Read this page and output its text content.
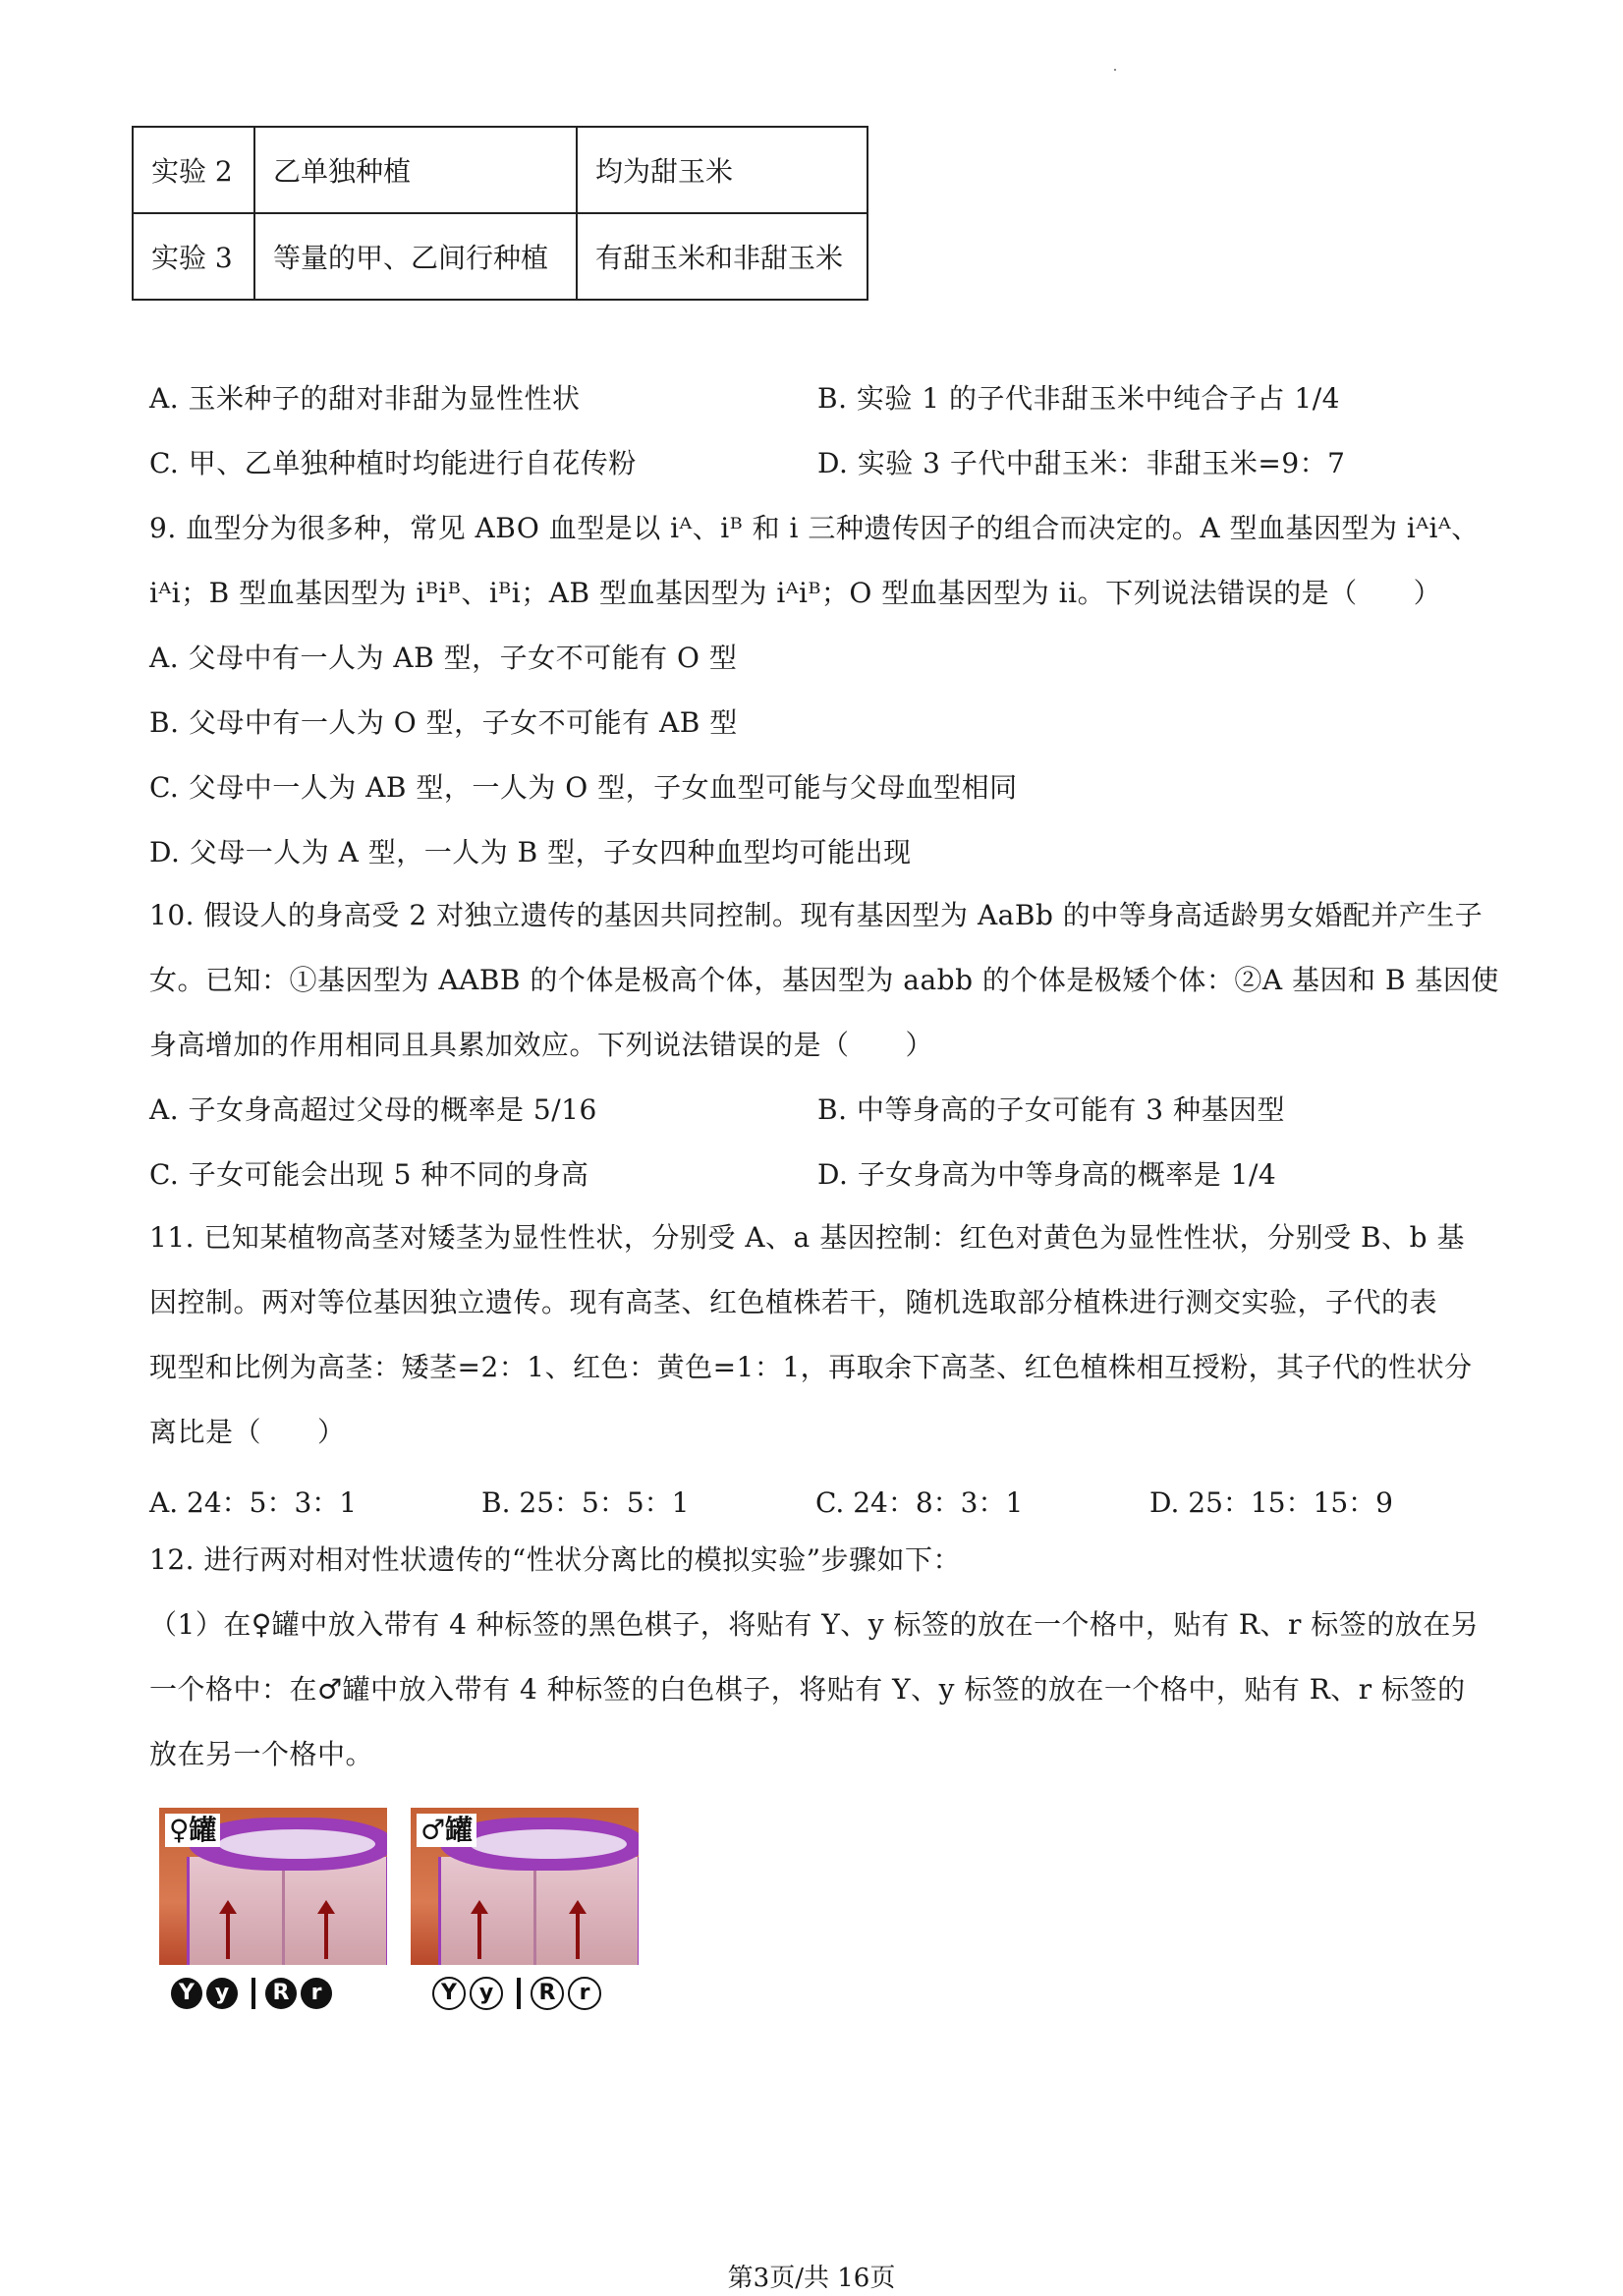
实验 2	乙单独种植	均为甜玉米
实验 3	等量的甲、乙间行种植	有甜玉米和非甜玉米
A. 玉米种子的甜对非甜为显性性状	B. 实验 1 的子代非甜玉米中纯合子占 1/4
C. 甲、乙单独种植时均能进行自花传粉	D. 实验 3 子代中甜玉米：非甜玉米=9：7
9. 血型分为很多种，常见 ABO 血型是以 iᴬ、iᴮ 和 i 三种遗传因子的组合而决定的。A 型血基因型为 iᴬiᴬ、
iᴬi；B 型血基因型为 iᴮiᴮ、iᴮi；AB 型血基因型为 iᴬiᴮ；O 型血基因型为 ii。下列说法错误的是（　　）
A. 父母中有一人为 AB 型，子女不可能有 O 型
B. 父母中有一人为 O 型，子女不可能有 AB 型
C. 父母中一人为 AB 型，一人为 O 型，子女血型可能与父母血型相同
D. 父母一人为 A 型，一人为 B 型，子女四种血型均可能出现
10. 假设人的身高受 2 对独立遗传的基因共同控制。现有基因型为 AaBb 的中等身高适龄男女婚配并产生子
女。已知：①基因型为 AABB 的个体是极高个体，基因型为 aabb 的个体是极矮个体：②A 基因和 B 基因使
身高增加的作用相同且具累加效应。下列说法错误的是（　　）
A. 子女身高超过父母的概率是 5/16	B. 中等身高的子女可能有 3 种基因型
C. 子女可能会出现 5 种不同的身高	D. 子女身高为中等身高的概率是 1/4
11. 已知某植物高茎对矮茎为显性性状，分别受 A、a 基因控制：红色对黄色为显性性状，分别受 B、b 基
因控制。两对等位基因独立遗传。现有高茎、红色植株若干，随机选取部分植株进行测交实验，子代的表
现型和比例为高茎：矮茎=2：1、红色：黄色=1：1，再取余下高茎、红色植株相互授粉，其子代的性状分
离比是（　　）
A. 24：5：3：1	B. 25：5：5：1	C. 24：8：3：1	D. 25：15：15：9
12. 进行两对相对性状遗传的“性状分离比的模拟实验”步骤如下：
（1）在♀罐中放入带有 4 种标签的黑色棋子，将贴有 Y、y 标签的放在一个格中，贴有 R、r 标签的放在另
一个格中：在♂罐中放入带有 4 种标签的白色棋子，将贴有 Y、y 标签的放在一个格中，贴有 R、r 标签的
放在另一个格中。
♀罐	♂罐
Y y R r	Y y R r
第3页/共 16页
